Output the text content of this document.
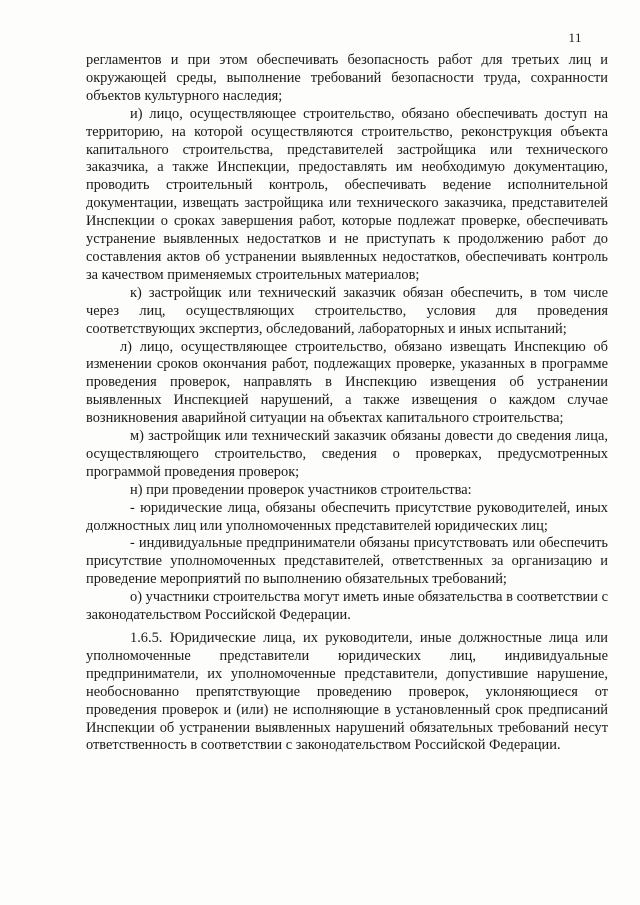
11

регламентов и при этом обеспечивать безопасность работ для третьих лиц и окружающей среды, выполнение требований безопасности труда, сохранности объектов культурного наследия;

и) лицо, осуществляющее строительство, обязано обеспечивать доступ на территорию, на которой осуществляются строительство, реконструкция объекта капитального строительства, представителей застройщика или технического заказчика, а также Инспекции, предоставлять им необходимую документацию, проводить строительный контроль, обеспечивать ведение исполнительной документации, извещать застройщика или технического заказчика, представителей Инспекции о сроках завершения работ, которые подлежат проверке, обеспечивать устранение выявленных недостатков и не приступать к продолжению работ до составления актов об устранении выявленных недостатков, обеспечивать контроль за качеством применяемых строительных материалов;

к) застройщик или технический заказчик обязан обеспечить, в том числе через лиц, осуществляющих строительство, условия для проведения соответствующих экспертиз, обследований, лабораторных и иных испытаний;

л) лицо, осуществляющее строительство, обязано извещать Инспекцию об изменении сроков окончания работ, подлежащих проверке, указанных в программе проведения проверок, направлять в Инспекцию извещения об устранении выявленных Инспекцией нарушений, а также извещения о каждом случае возникновения аварийной ситуации на объектах капитального строительства;

м) застройщик или технический заказчик обязаны довести до сведения лица, осуществляющего строительство, сведения о проверках, предусмотренных программой проведения проверок;

н) при проведении проверок участников строительства:

- юридические лица, обязаны обеспечить присутствие руководителей, иных должностных лиц или уполномоченных представителей юридических лиц;

- индивидуальные предприниматели обязаны присутствовать или обеспечить присутствие уполномоченных представителей, ответственных за организацию и проведение мероприятий по выполнению обязательных требований;

о) участники строительства могут иметь иные обязательства в соответствии с законодательством Российской Федерации.

1.6.5. Юридические лица, их руководители, иные должностные лица или уполномоченные представители юридических лиц, индивидуальные предприниматели, их уполномоченные представители, допустившие нарушение, необоснованно препятствующие проведению проверок, уклоняющиеся от проведения проверок и (или) не исполняющие в установленный срок предписаний Инспекции об устранении выявленных нарушений обязательных требований несут ответственность в соответствии с законодательством Российской Федерации.
